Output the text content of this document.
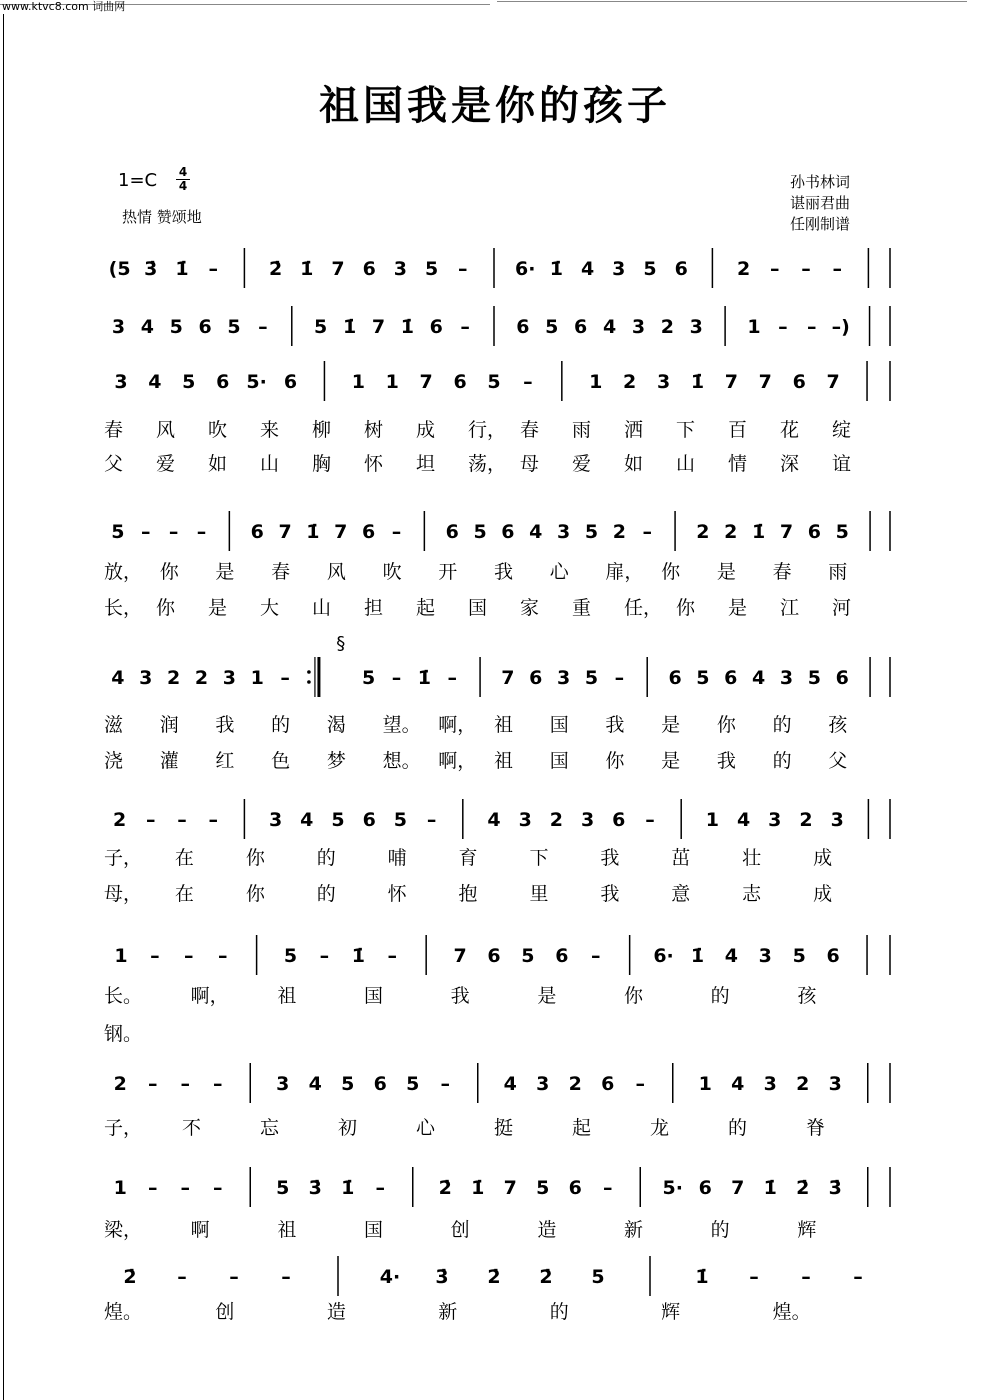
www.ktvc8.com 词曲网
祖国我是你的孩子
1=C 4
4
热情 赞颂地
孙书林词
谌丽君曲
任刚制谱
(5 3̇ 1̇ –	2̇ 1̇ 7 6 3 5 – 6· 1̇ 4 3 5 6	2 – – –
3 4 5 6 5 – 5 1̇ 7 1̇ 6 – 6 5 6 4 3 2 3 1 – – –)
3 4 5 6 5· 6	1 1 7 6 5 –	1 2 3 1̇ 7 7 6 7
春 风 吹 来 柳 树 成 行， 春 雨 洒 下 百 花 绽
父 爱 如 山 胸 怀 坦 荡， 母 爱 如 山 情 深 谊
5 – – – 6 7 1̇ 7 6 – 6 5 6 4 3 5 2 – 2 2 1̇ 7 6 5
放， 你 是 春 风 吹 开 我 心 扉， 你 是 春 雨
长， 你 是 大 山 担 起 国 家 重 任， 你 是 江 河
4 3 2 2 3 1 –
§
5 – 1̇ – 7 6 3 5 – 6 5 6 4 3 5 6
滋 润 我 的 渴 望。 啊， 祖 国 我 是 你 的 孩
浇 灌 红 色 梦 想。 啊， 祖 国 你 是 我 的 父
2 – – –	3 4 5 6 5 –	4 3 2 3 6 –	1 4 3 2 3
子， 在	你	的	哺	育	下	我	茁	壮	成
母， 在	你	的	怀	抱	里	我	意	志	成
1 – – –	5 – 1̇ –	7 6 5 6 –	6· 1̇ 4 3 5 6
长。	啊，	祖	国	我	是	你	的	孩
钢。
2 – – –	3 4 5 6 5 –	4 3 2 6 –	1 4 3 2 3
子， 不	忘	初	心	挺	起	龙	的	脊
1 – – –	5 3̇ 1̇ –	2̇ 1̇ 7 5 6 –	5· 6 7 1̇ 2̇ 3̇
梁，	啊	祖	国	创	造	新	的	辉
2̇ – – –	4· 3̇ 2̇ 2̇ 5	1̇ – – –
煌。	创	造	新	的	辉	煌。
